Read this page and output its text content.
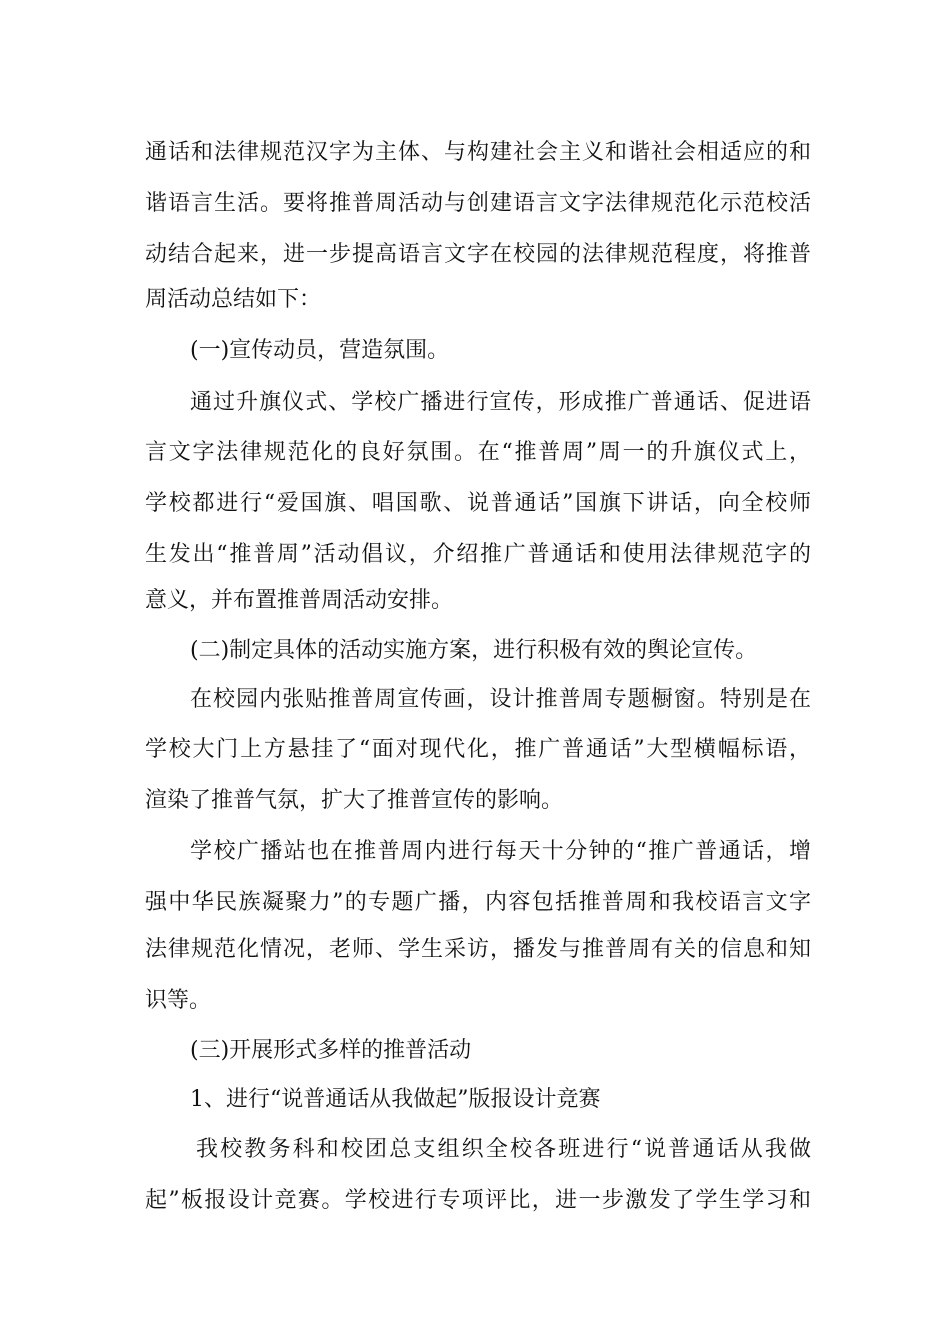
通话和法律规范汉字为主体、与构建社会主义和谐社会相适应的和
谐语言生活。要将推普周活动与创建语言文字法律规范化示范校活
动结合起来，进一步提高语言文字在校园的法律规范程度，将推普
周活动总结如下：
(一)宣传动员，营造氛围。
通过升旗仪式、学校广播进行宣传，形成推广普通话、促进语
言文字法律规范化的良好氛围。在“推普周”周一的升旗仪式上，
学校都进行“爱国旗、唱国歌、说普通话”国旗下讲话，向全校师
生发出“推普周”活动倡议，介绍推广普通话和使用法律规范字的
意义，并布置推普周活动安排。
(二)制定具体的活动实施方案，进行积极有效的舆论宣传。
在校园内张贴推普周宣传画，设计推普周专题橱窗。特别是在
学校大门上方悬挂了“面对现代化，推广普通话”大型横幅标语，
渲染了推普气氛，扩大了推普宣传的影响。
学校广播站也在推普周内进行每天十分钟的“推广普通话，增
强中华民族凝聚力”的专题广播，内容包括推普周和我校语言文字
法律规范化情况，老师、学生采访，播发与推普周有关的信息和知
识等。
(三)开展形式多样的推普活动
1、进行“说普通话从我做起”版报设计竞赛
我校教务科和校团总支组织全校各班进行“说普通话从我做
起”板报设计竞赛。学校进行专项评比，进一步激发了学生学习和
